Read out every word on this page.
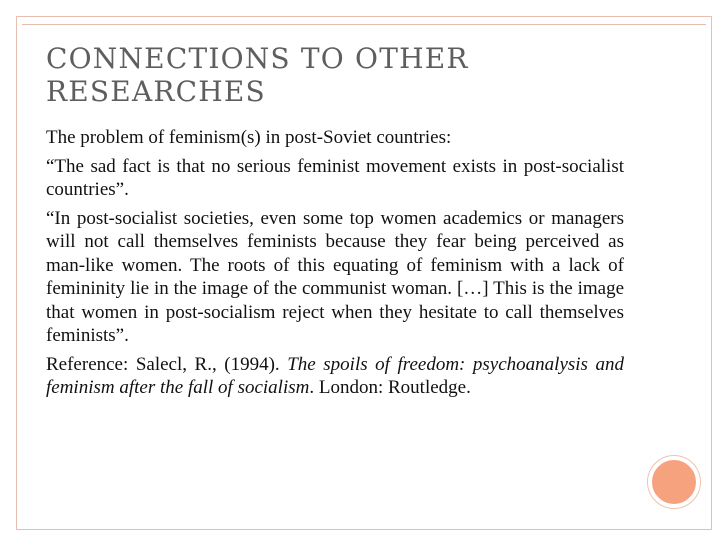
CONNECTIONS TO OTHER
RESEARCHES

The problem of feminism(s) in post-Soviet countries:

“The sad fact is that no serious feminist movement exists in post-socialist countries”.

“In post-socialist societies, even some top women academics or managers will not call themselves feminists because they fear being perceived as man-like women. The roots of this equating of feminism with a lack of femininity lie in the image of the communist woman. […] This is the image that women in post-socialism reject when they hesitate to call themselves feminists”.

Reference: Salecl, R., (1994). The spoils of freedom: psychoanalysis and feminism after the fall of socialism. London: Routledge.
